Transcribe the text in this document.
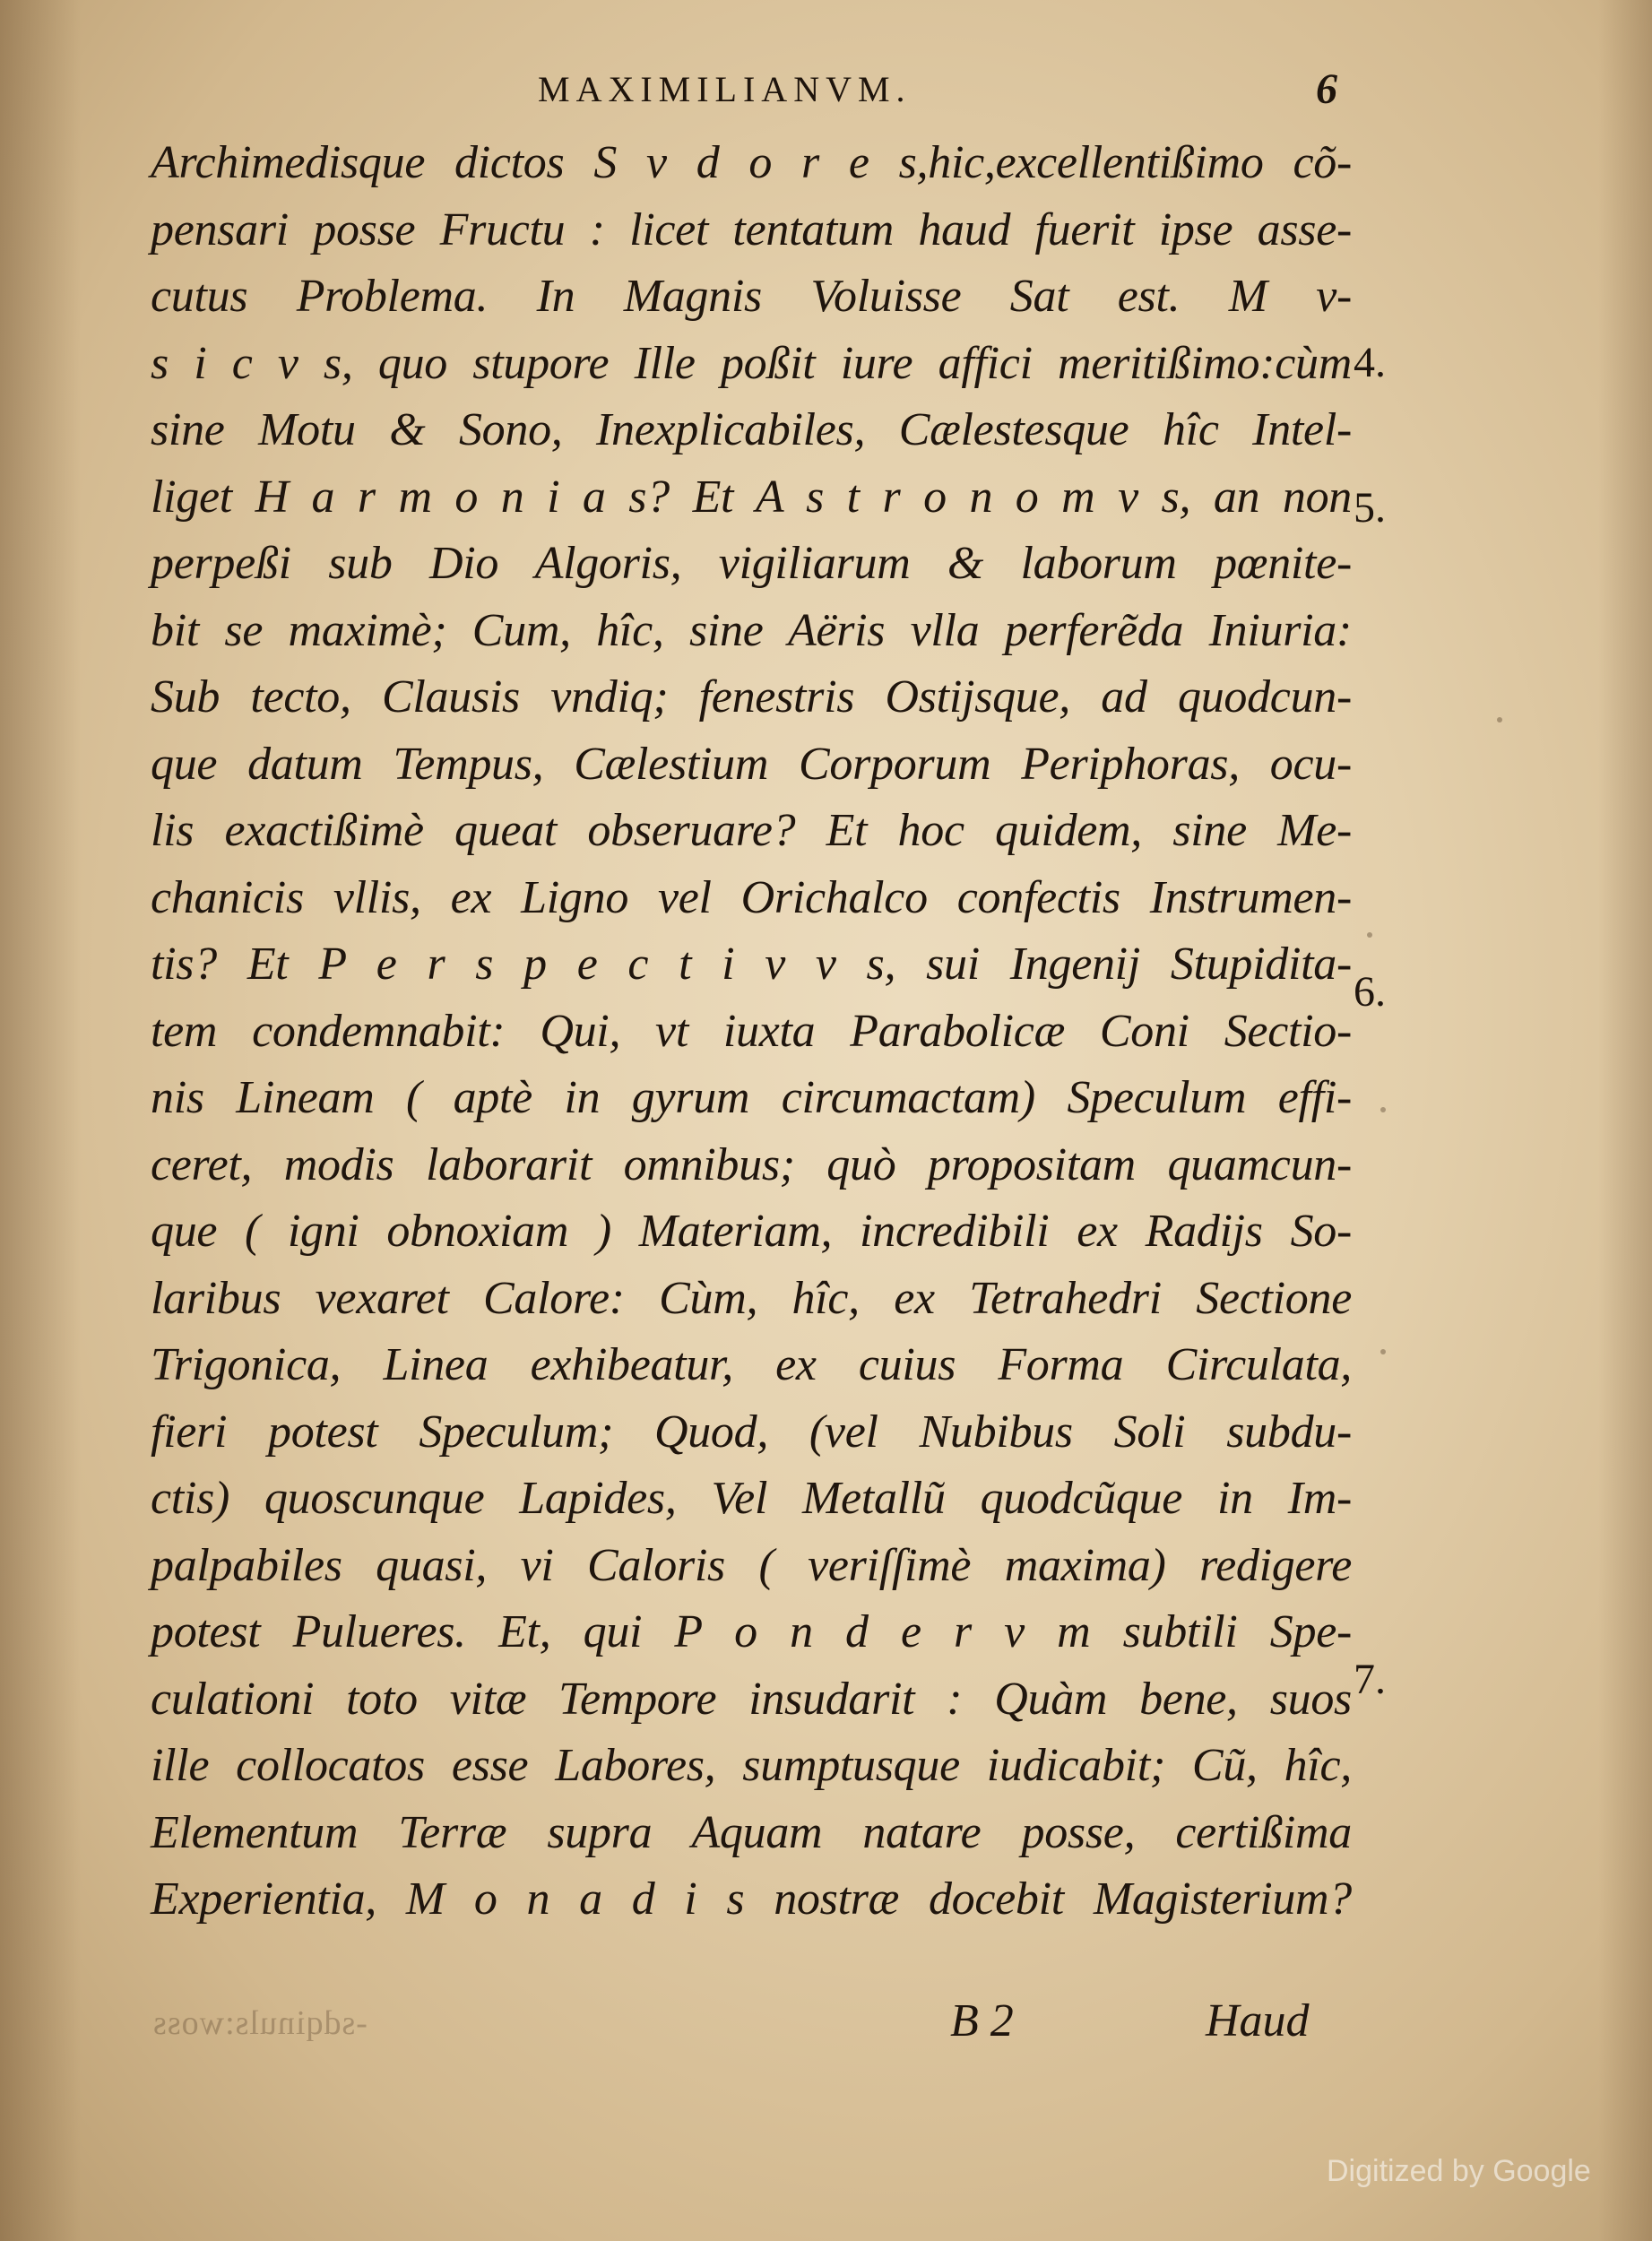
MAXIMILIANVM.	6
Archimedisque dictos S v d o r e s,hic,excellentißimo cõ-
pensari posse Fructu : licet tentatum haud fuerit ipse asse-
cutus Problema. In Magnis Voluisse Sat est. M v-
s i c v s, quo stupore Ille poßit iure affici meritißimo:cùm
sine Motu & Sono, Inexplicabiles, Cælestesque hîc Intel-
liget H a r m o n i a s? Et A s t r o n o m v s, an non
perpeßi sub Dio Algoris, vigiliarum & laborum pœnite-
bit se maximè; Cum, hîc, sine Aëris vlla perferẽda Iniuria:
Sub tecto, Clausis vndiq; fenestris Ostijsque, ad quodcun-
que datum Tempus, Cælestium Corporum Periphoras, ocu-
lis exactißimè queat obseruare? Et hoc quidem, sine Me-
chanicis vllis, ex Ligno vel Orichalco confectis Instrumen-
tis? Et P e r s p e c t i v v s, sui Ingenij Stupidita-
tem condemnabit: Qui, vt iuxta Parabolicæ Coni Sectio-
nis Lineam ( aptè in gyrum circumactam) Speculum effi-
ceret, modis laborarit omnibus; quò propositam quamcun-
que ( igni obnoxiam ) Materiam, incredibili ex Radijs So-
laribus vexaret Calore: Cùm, hîc, ex Tetrahedri Sectione
Trigonica, Linea exhibeatur, ex cuius Forma Circulata,
fieri potest Speculum; Quod, (vel Nubibus Soli subdu-
ctis) quoscunque Lapides, Vel Metallũ quodcũque in Im-
palpabiles quasi, vi Caloris ( veriſſimè maxima) redigere
potest Pulueres. Et, qui P o n d e r v m subtili Spe-
culationi toto vitæ Tempore insudarit : Quàm bene, suos
ille collocatos esse Labores, sumptusque iudicabit; Cũ, hîc,
Elementum Terræ supra Aquam natare posse, certißima
Experientia, M o n a d i s nostræ docebit Magisterium?
4.
5.
6.
7.
B 2	Haud
-sdqinuls:woss
Digitized by Google
